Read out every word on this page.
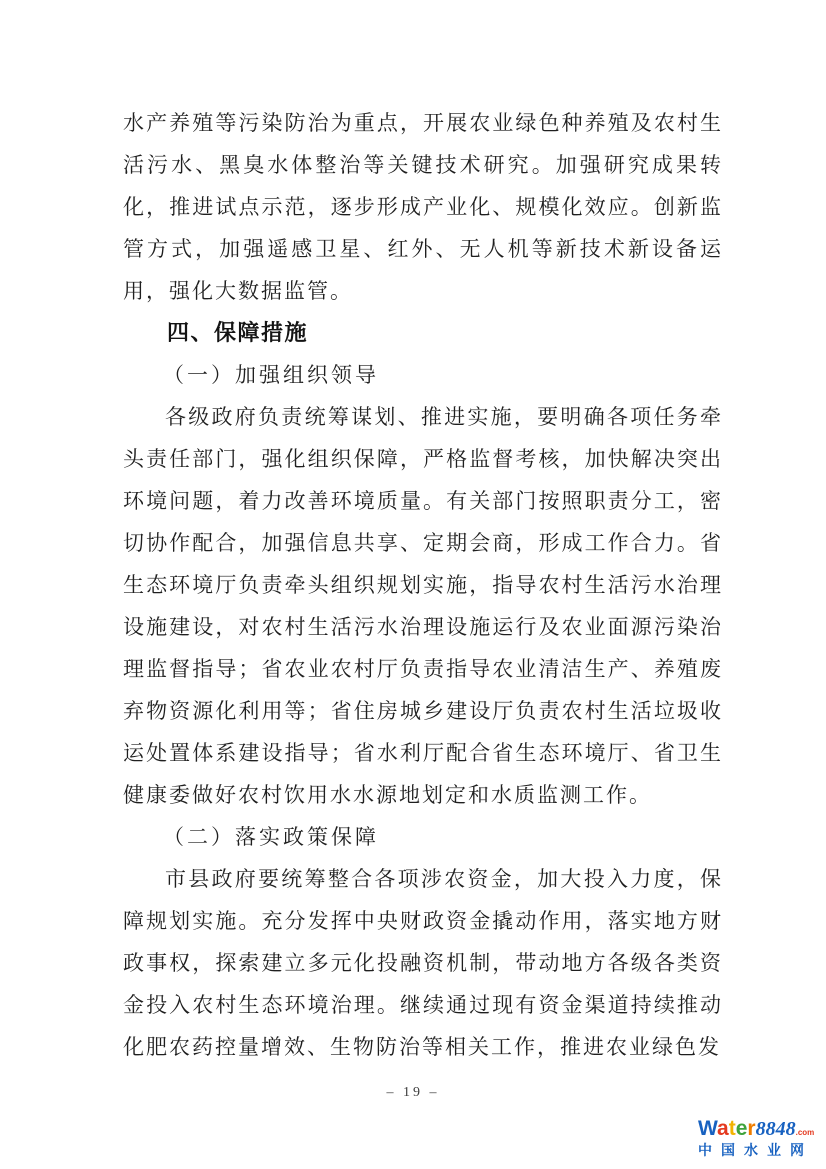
水产养殖等污染防治为重点，开展农业绿色种养殖及农村生活污水、黑臭水体整治等关键技术研究。加强研究成果转化，推进试点示范，逐步形成产业化、规模化效应。创新监管方式，加强遥感卫星、红外、无人机等新技术新设备运用，强化大数据监管。

四、保障措施
（一）加强组织领导

各级政府负责统筹谋划、推进实施，要明确各项任务牵头责任部门，强化组织保障，严格监督考核，加快解决突出环境问题，着力改善环境质量。有关部门按照职责分工，密切协作配合，加强信息共享、定期会商，形成工作合力。省生态环境厅负责牵头组织规划实施，指导农村生活污水治理设施建设，对农村生活污水治理设施运行及农业面源污染治理监督指导；省农业农村厅负责指导农业清洁生产、养殖废弃物资源化利用等；省住房城乡建设厅负责农村生活垃圾收运处置体系建设指导；省水利厅配合省生态环境厅、省卫生健康委做好农村饮用水水源地划定和水质监测工作。

（二）落实政策保障

市县政府要统筹整合各项涉农资金，加大投入力度，保障规划实施。充分发挥中央财政资金撬动作用，落实地方财政事权，探索建立多元化投融资机制，带动地方各级各类资金投入农村生态环境治理。继续通过现有资金渠道持续推动化肥农药控量增效、生物防治等相关工作，推进农业绿色发

– 19 –
Water8848.com
中国水业网
